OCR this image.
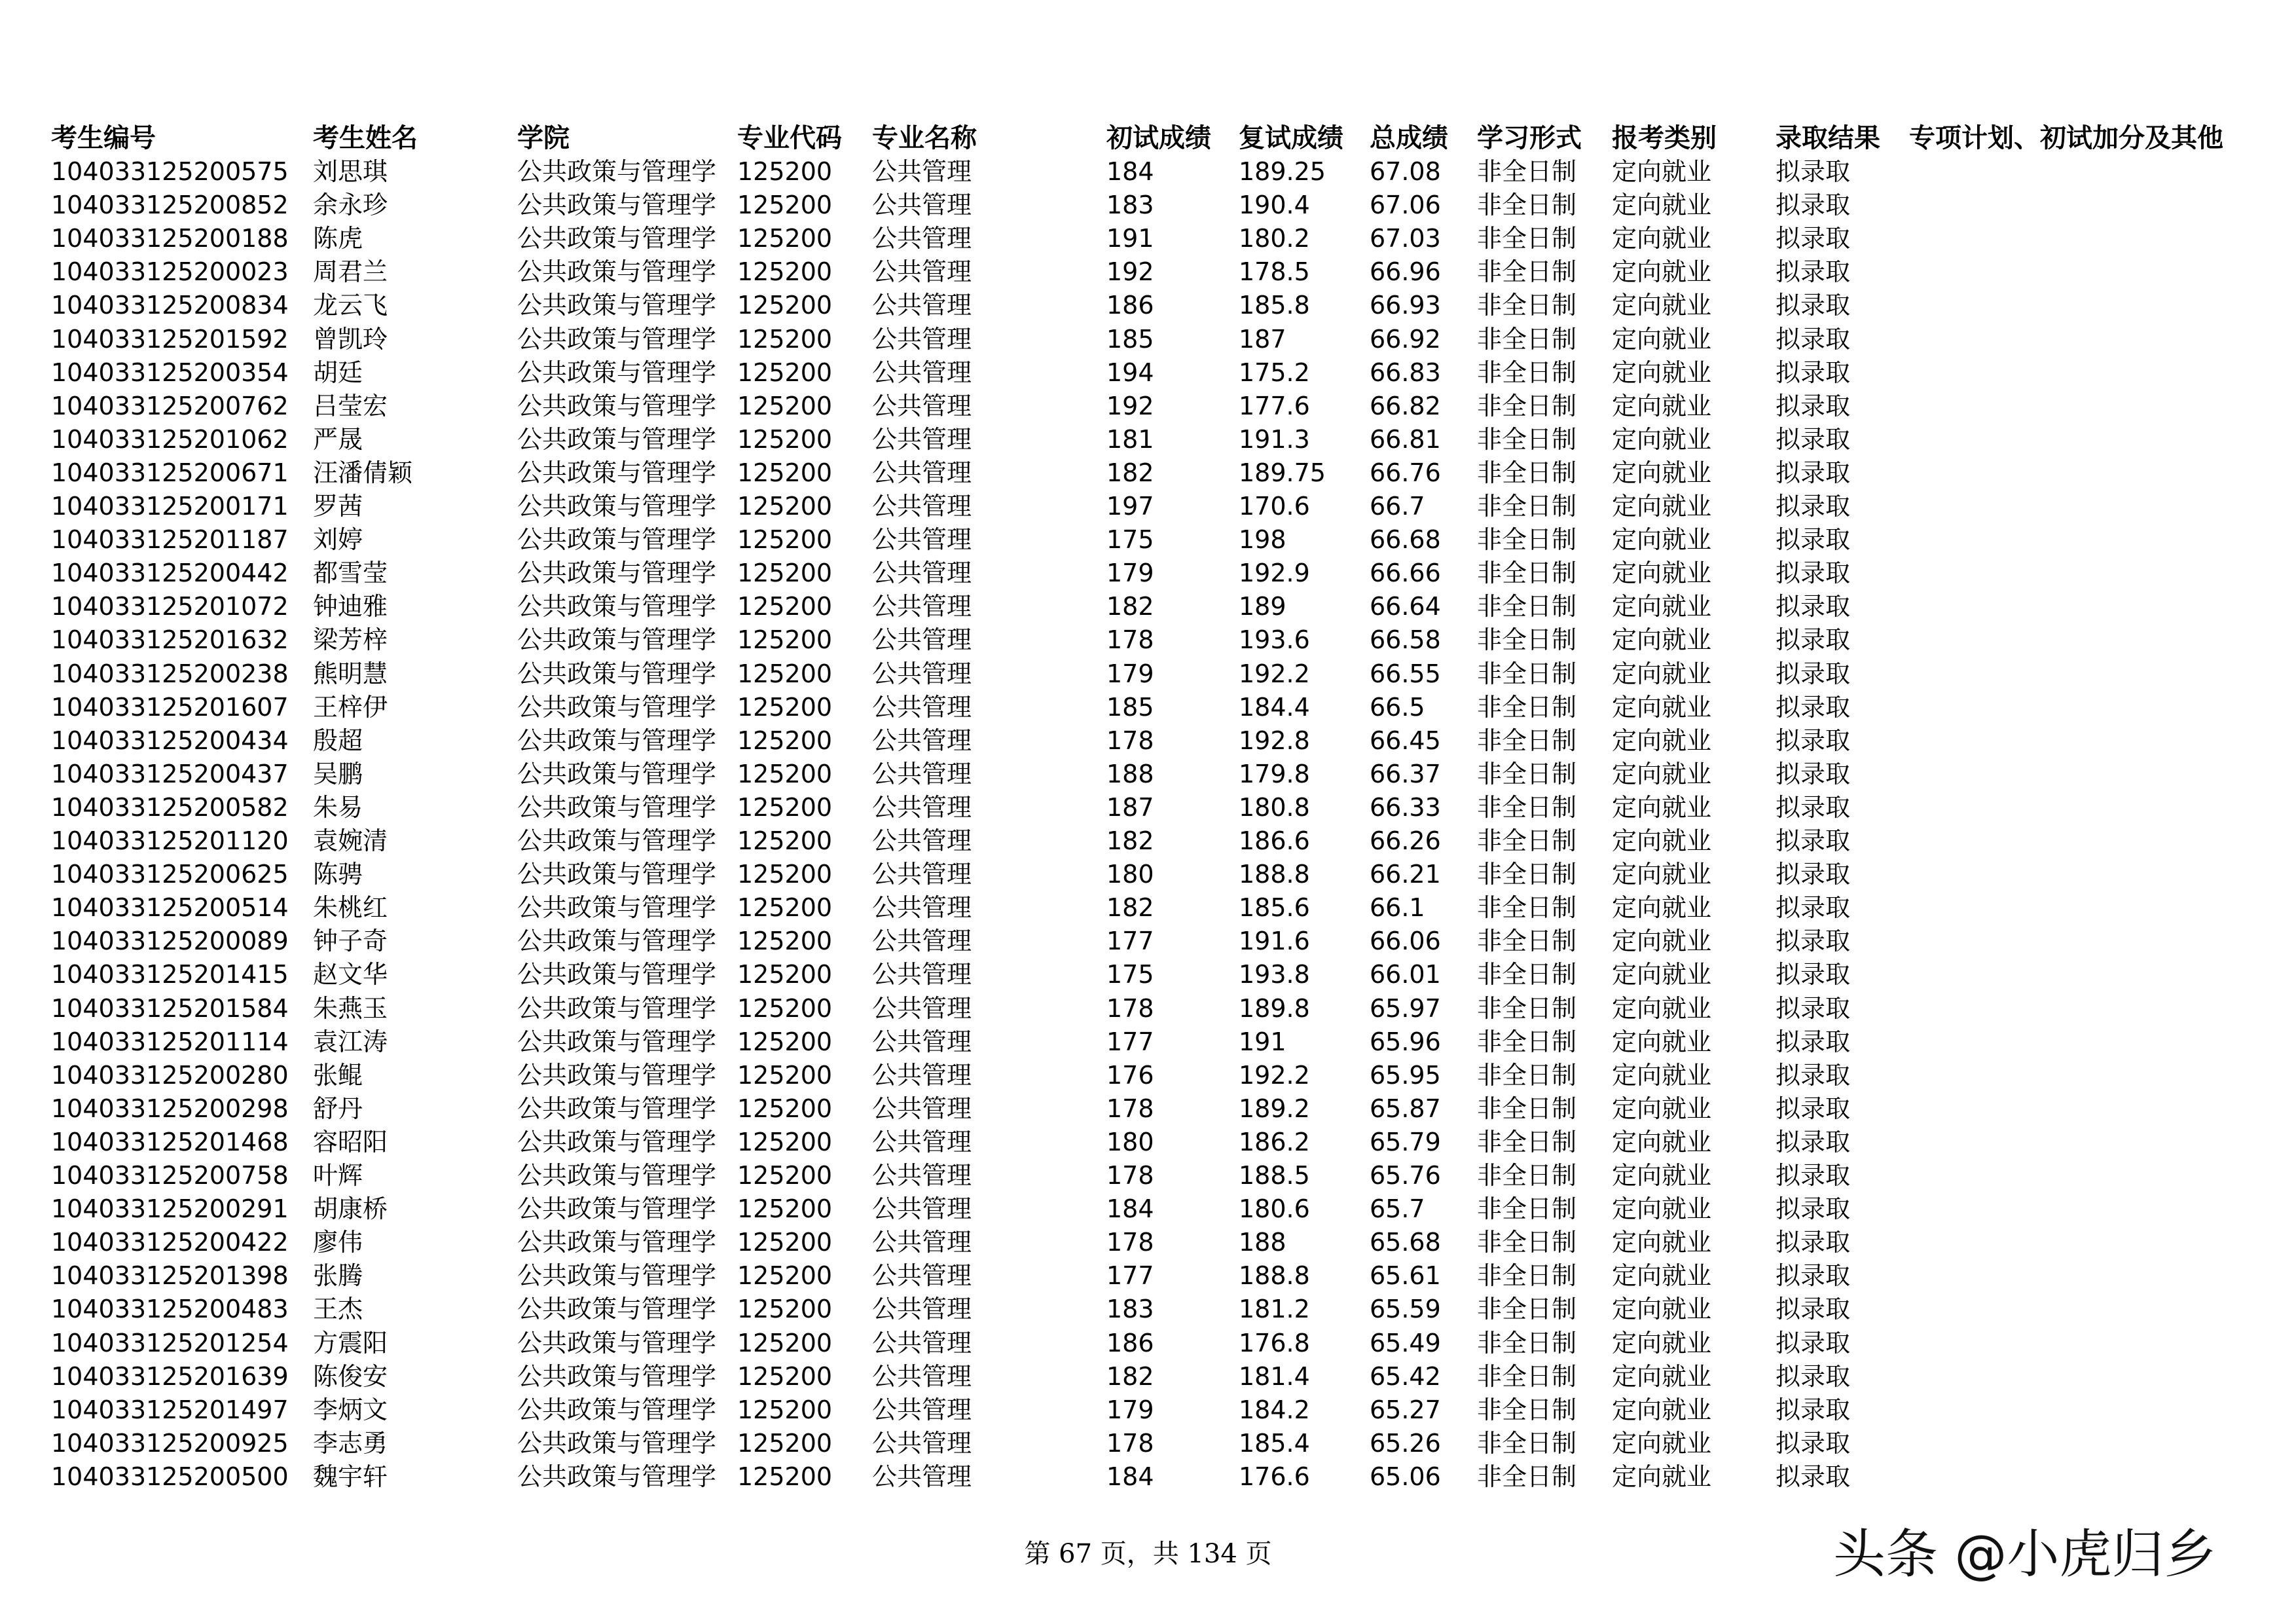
考生编号	考生姓名	学院	专业代码 专业名称	初试成绩 复试成绩 总成绩 学习形式 报考类别 录取结果 专项计划、初试加分及其他
104033125200575 刘思琪	公共政策与管理学 125200 公共管理	184	189.25 67.08 非全日制 定向就业	拟录取
104033125200852 余永珍	公共政策与管理学 125200 公共管理	183	190.4 67.06 非全日制 定向就业	拟录取
104033125200188 陈虎	公共政策与管理学 125200 公共管理	191	180.2 67.03 非全日制 定向就业	拟录取
104033125200023 周君兰	公共政策与管理学 125200 公共管理	192	178.5 66.96 非全日制 定向就业	拟录取
104033125200834 龙云飞	公共政策与管理学 125200 公共管理	186	185.8 66.93 非全日制 定向就业	拟录取
104033125201592 曾凯玲	公共政策与管理学 125200 公共管理	185	187	66.92 非全日制 定向就业	拟录取
104033125200354 胡廷	公共政策与管理学 125200 公共管理	194	175.2 66.83 非全日制 定向就业	拟录取
104033125200762 吕莹宏	公共政策与管理学 125200 公共管理	192	177.6 66.82 非全日制 定向就业	拟录取
104033125201062 严晟	公共政策与管理学 125200 公共管理	181	191.3 66.81 非全日制 定向就业	拟录取
104033125200671 汪潘倩颖	公共政策与管理学 125200 公共管理	182	189.75 66.76 非全日制 定向就业	拟录取
104033125200171 罗茜	公共政策与管理学 125200 公共管理	197	170.6 66.7 非全日制 定向就业	拟录取
104033125201187 刘婷	公共政策与管理学 125200 公共管理	175	198	66.68 非全日制 定向就业	拟录取
104033125200442 都雪莹	公共政策与管理学 125200 公共管理	179	192.9 66.66 非全日制 定向就业	拟录取
104033125201072 钟迪雅	公共政策与管理学 125200 公共管理	182	189	66.64 非全日制 定向就业	拟录取
104033125201632 梁芳梓	公共政策与管理学 125200 公共管理	178	193.6 66.58 非全日制 定向就业	拟录取
104033125200238 熊明慧	公共政策与管理学 125200 公共管理	179	192.2 66.55 非全日制 定向就业	拟录取
104033125201607 王梓伊	公共政策与管理学 125200 公共管理	185	184.4 66.5 非全日制 定向就业	拟录取
104033125200434 殷超	公共政策与管理学 125200 公共管理	178	192.8 66.45 非全日制 定向就业	拟录取
104033125200437 吴鹏	公共政策与管理学 125200 公共管理	188	179.8 66.37 非全日制 定向就业	拟录取
104033125200582 朱易	公共政策与管理学 125200 公共管理	187	180.8 66.33 非全日制 定向就业	拟录取
104033125201120 袁婉清	公共政策与管理学 125200 公共管理	182	186.6 66.26 非全日制 定向就业	拟录取
104033125200625 陈骋	公共政策与管理学 125200 公共管理	180	188.8 66.21 非全日制 定向就业	拟录取
104033125200514 朱桃红	公共政策与管理学 125200 公共管理	182	185.6 66.1 非全日制 定向就业	拟录取
104033125200089 钟子奇	公共政策与管理学 125200 公共管理	177	191.6 66.06 非全日制 定向就业	拟录取
104033125201415 赵文华	公共政策与管理学 125200 公共管理	175	193.8 66.01 非全日制 定向就业	拟录取
104033125201584 朱燕玉	公共政策与管理学 125200 公共管理	178	189.8 65.97 非全日制 定向就业	拟录取
104033125201114 袁江涛	公共政策与管理学 125200 公共管理	177	191	65.96 非全日制 定向就业	拟录取
104033125200280 张鲲	公共政策与管理学 125200 公共管理	176	192.2 65.95 非全日制 定向就业	拟录取
104033125200298 舒丹	公共政策与管理学 125200 公共管理	178	189.2 65.87 非全日制 定向就业	拟录取
104033125201468 容昭阳	公共政策与管理学 125200 公共管理	180	186.2 65.79 非全日制 定向就业	拟录取
104033125200758 叶辉	公共政策与管理学 125200 公共管理	178	188.5 65.76 非全日制 定向就业	拟录取
104033125200291 胡康桥	公共政策与管理学 125200 公共管理	184	180.6 65.7 非全日制 定向就业	拟录取
104033125200422 廖伟	公共政策与管理学 125200 公共管理	178	188	65.68 非全日制 定向就业	拟录取
104033125201398 张腾	公共政策与管理学 125200 公共管理	177	188.8 65.61 非全日制 定向就业	拟录取
104033125200483 王杰	公共政策与管理学 125200 公共管理	183	181.2 65.59 非全日制 定向就业	拟录取
104033125201254 方震阳	公共政策与管理学 125200 公共管理	186	176.8 65.49 非全日制 定向就业	拟录取
104033125201639 陈俊安	公共政策与管理学 125200 公共管理	182	181.4 65.42 非全日制 定向就业	拟录取
104033125201497 李炳文	公共政策与管理学 125200 公共管理	179	184.2 65.27 非全日制 定向就业	拟录取
104033125200925 李志勇	公共政策与管理学 125200 公共管理	178	185.4 65.26 非全日制 定向就业	拟录取
104033125200500 魏宇轩	公共政策与管理学 125200 公共管理	184	176.6 65.06 非全日制 定向就业	拟录取
第 67 页，共 134 页	头条 @小虎归乡
